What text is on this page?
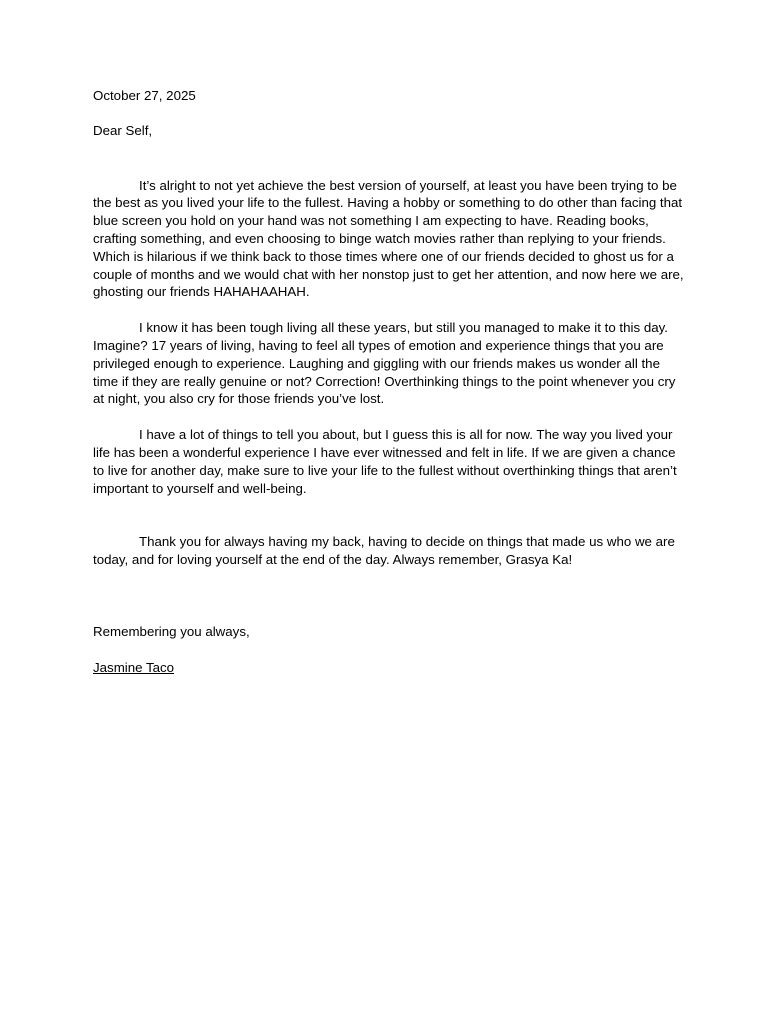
October 27, 2025

Dear Self,

It’s alright to not yet achieve the best version of yourself, at least you have been trying to be the best as you lived your life to the fullest. Having a hobby or something to do other than facing that blue screen you hold on your hand was not something I am expecting to have. Reading books, crafting something, and even choosing to binge watch movies rather than replying to your friends. Which is hilarious if we think back to those times where one of our friends decided to ghost us for a couple of months and we would chat with her nonstop just to get her attention, and now here we are, ghosting our friends HAHAHAAHAH.

I know it has been tough living all these years, but still you managed to make it to this day. Imagine? 17 years of living, having to feel all types of emotion and experience things that you are privileged enough to experience. Laughing and giggling with our friends makes us wonder all the time if they are really genuine or not? Correction! Overthinking things to the point whenever you cry at night, you also cry for those friends you’ve lost.

I have a lot of things to tell you about, but I guess this is all for now. The way you lived your life has been a wonderful experience I have ever witnessed and felt in life. If we are given a chance to live for another day, make sure to live your life to the fullest without overthinking things that aren’t important to yourself and well-being.

Thank you for always having my back, having to decide on things that made us who we are today, and for loving yourself at the end of the day. Always remember, Grasya Ka!

Remembering you always,

Jasmine Taco
